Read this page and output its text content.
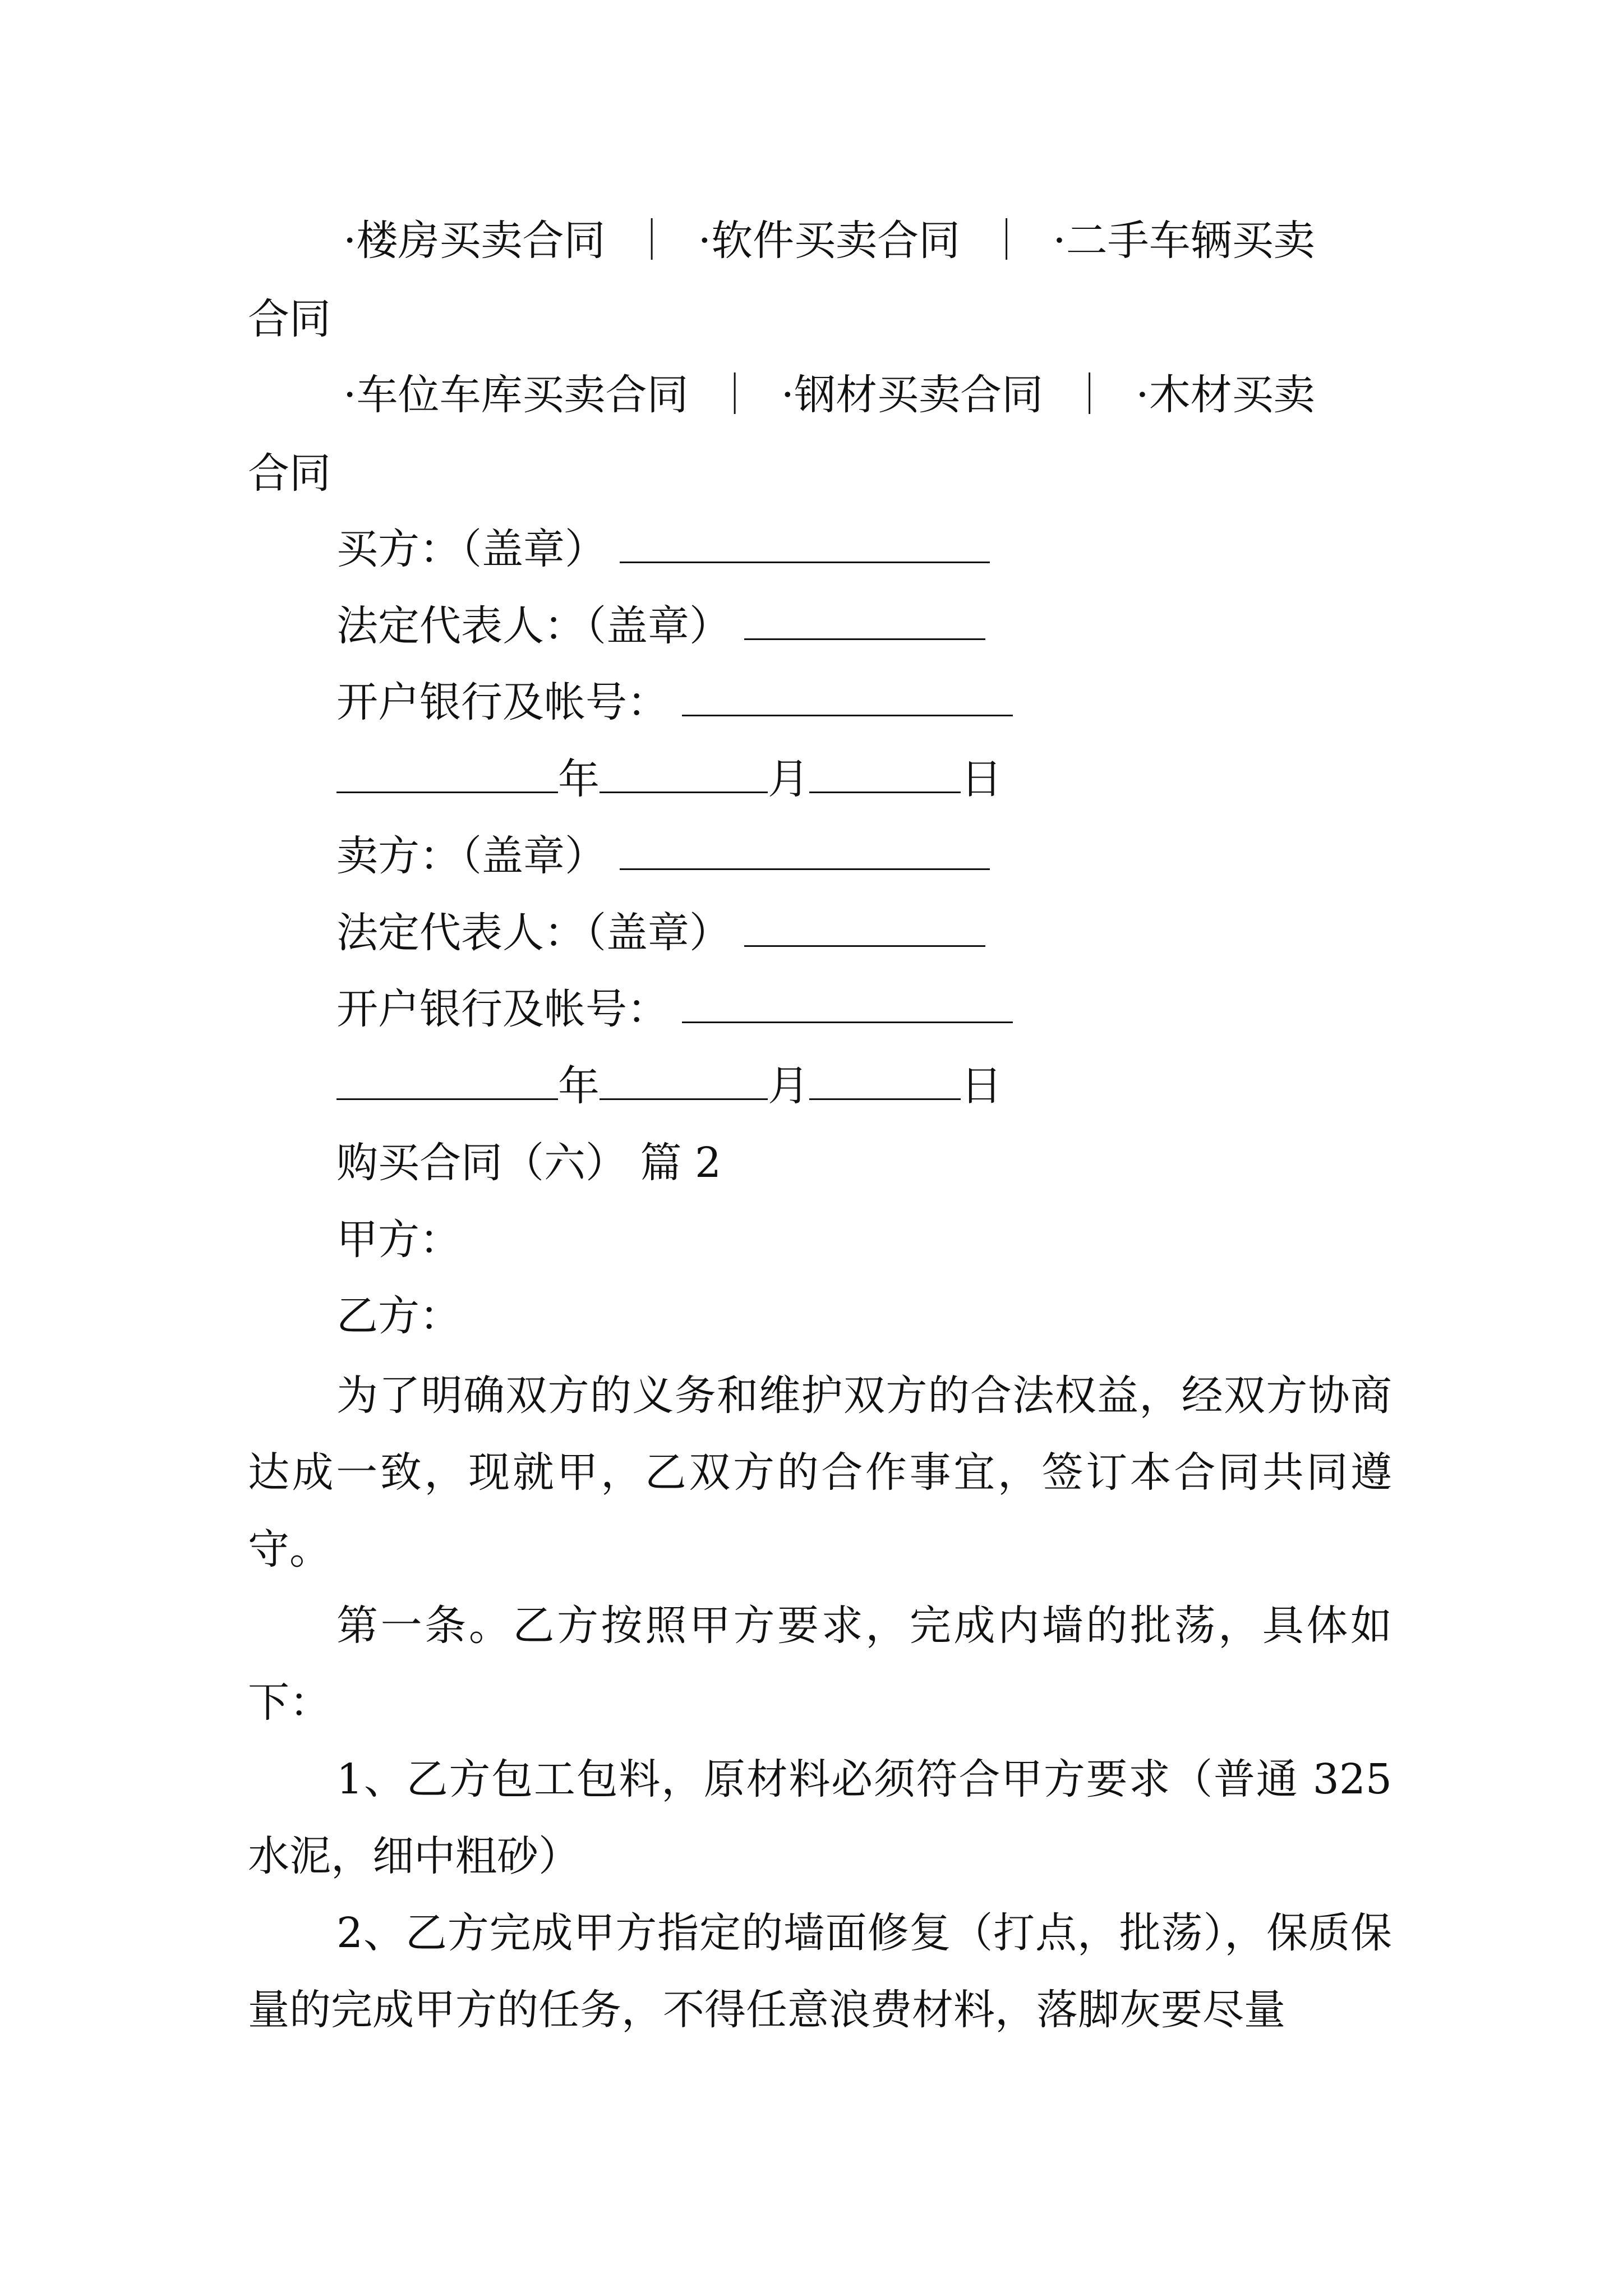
·楼房买卖合同 ｜ ·软件买卖合同 ｜ ·二手车辆买卖
合同
·车位车库买卖合同 ｜ ·钢材买卖合同 ｜ ·木材买卖
合同
买方：（盖章）
法定代表人：（盖章）
开户银行及帐号：
年	月	日
卖方：（盖章）
法定代表人：（盖章）
开户银行及帐号：
年	月	日
购买合同（六） 篇 2
甲方：
乙方：
为了明确双方的义务和维护双方的合法权益，经双方协商达成一致，现就甲，乙双方的合作事宜，签订本合同共同遵守。
第一条。乙方按照甲方要求，完成内墙的批荡，具体如下：
1、乙方包工包料，原材料必须符合甲方要求（普通 325 水泥，细中粗砂）
2、乙方完成甲方指定的墙面修复（打点，批荡），保质保量的完成甲方的任务，不得任意浪费材料，落脚灰要尽量
